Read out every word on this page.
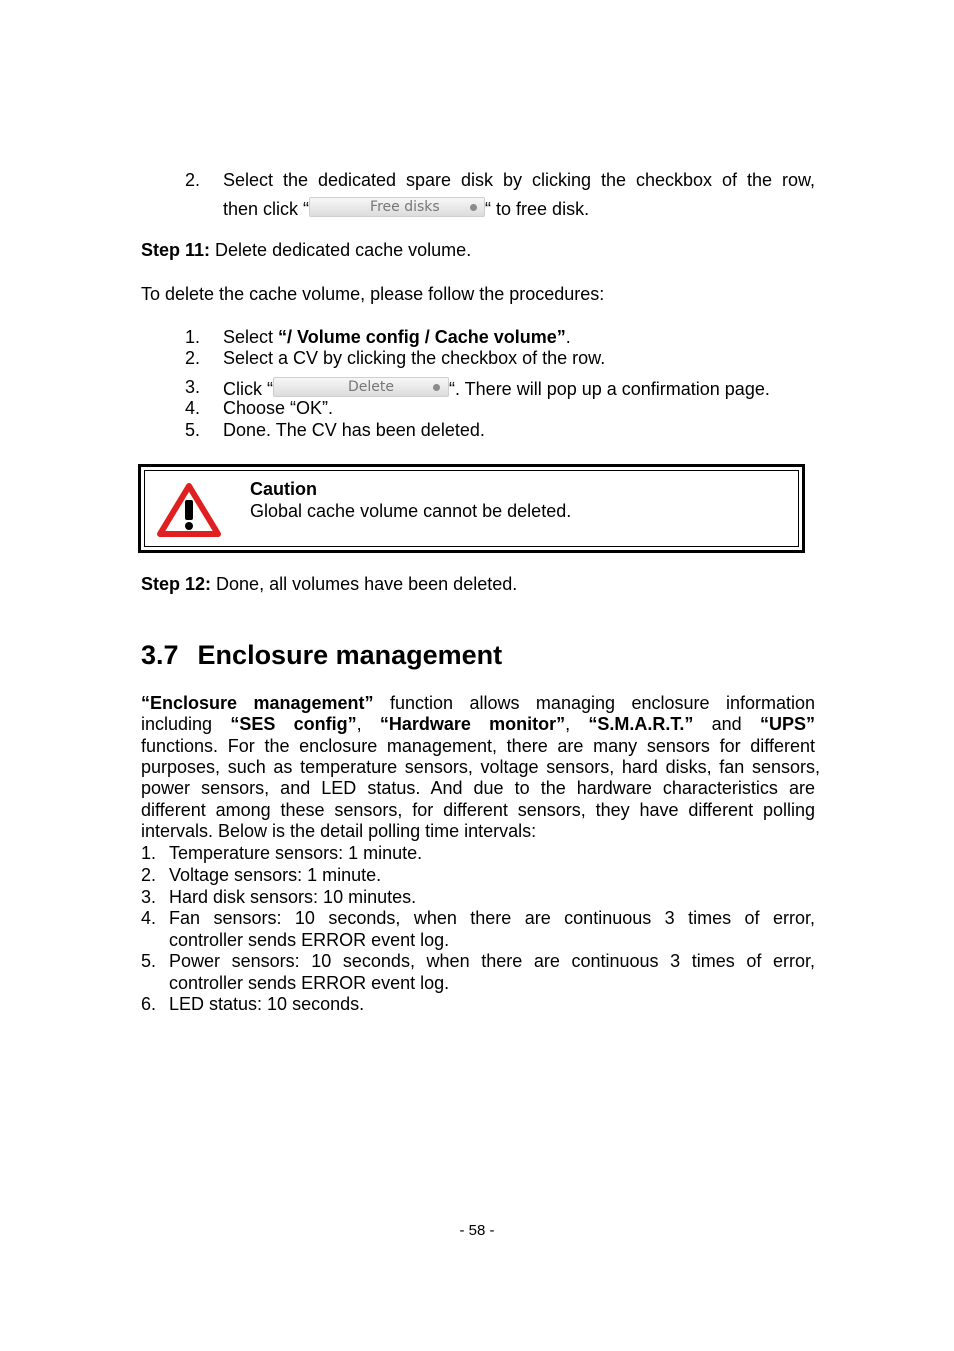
2. Select the dedicated spare disk by clicking the checkbox of the row,
then click “	Free disks	“ to free disk.
Step 11: Delete dedicated cache volume.
To delete the cache volume, please follow the procedures:
1. Select “/ Volume config / Cache volume”.
2. Select a CV by clicking the checkbox of the row.
3. Click “	Delete	“. There will pop up a confirmation page.
4. Choose “OK”.
5. Done. The CV has been deleted.
Caution
Global cache volume cannot be deleted.
Step 12: Done, all volumes have been deleted.
3.7 Enclosure management
“Enclosure management” function allows managing enclosure information
including “SES config”, “Hardware monitor”, “S.M.A.R.T.” and “UPS”
functions. For the enclosure management, there are many sensors for different
purposes, such as temperature sensors, voltage sensors, hard disks, fan sensors,
power sensors, and LED status. And due to the hardware characteristics are
different among these sensors, for different sensors, they have different polling
intervals. Below is the detail polling time intervals:
1. Temperature sensors: 1 minute.
2. Voltage sensors: 1 minute.
3. Hard disk sensors: 10 minutes.
4. Fan sensors: 10 seconds, when there are continuous 3 times of error,
controller sends ERROR event log.
5. Power sensors: 10 seconds, when there are continuous 3 times of error,
controller sends ERROR event log.
6. LED status: 10 seconds.
- 58 -
